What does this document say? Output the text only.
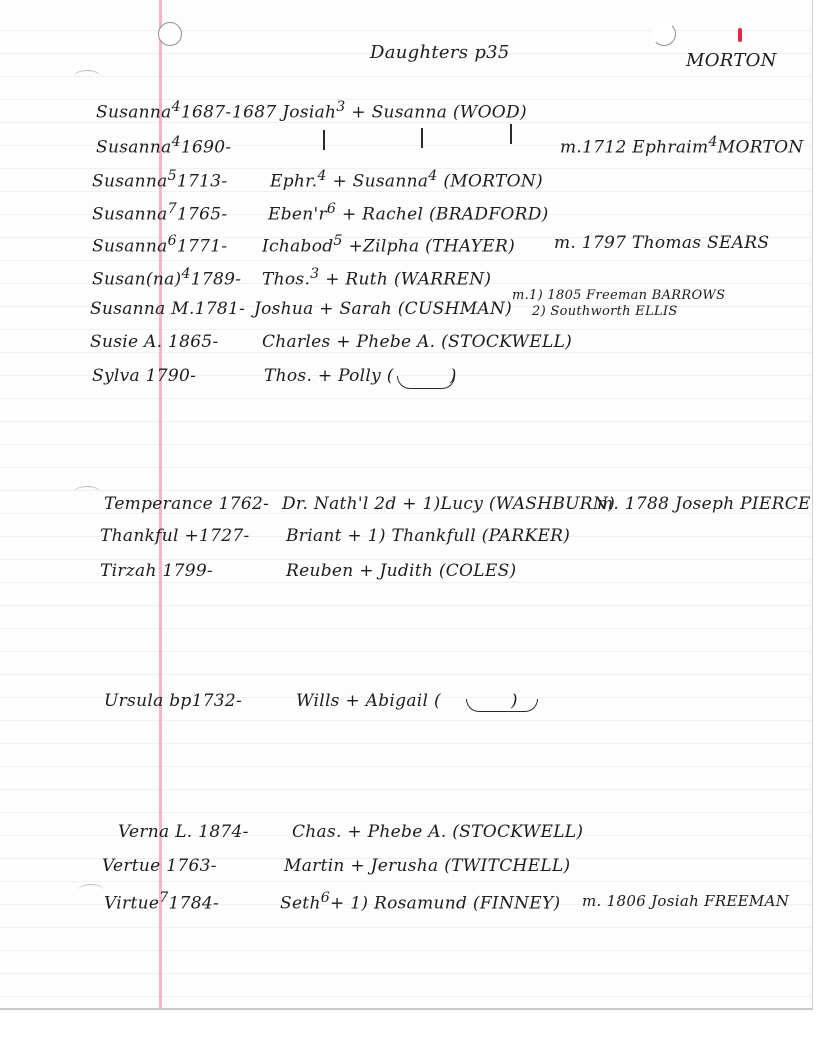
Daughters p35	MORTON
Susanna$^4$1687- 1687 Josiah$^3$ + Susanna (WOOD)
Susanna$^4$1690-	m.1712 Ephraim$^4$MORTON
Susanna$^5$1713-	Ephr.$^4$ + Susanna$^4$ (MORTON)
Susanna$^7$1765- $Eben'r^6$ + Rachel (BRADFORD)
Susanna$^6$1771- Ichabod$^5$ +Zilpha (THAYER) m. 1797 Thomas SEARS
Susan(na)$^4$1789- Thos.$^3$ + Ruth (WARREN)
Susanna M.1781- Joshua + Sarah (CUSHMAN)
m.1) 1805 Freeman BARROWS
2) Southworth ELLIS
Susie A. 1865-	Charles + Phebe A. (STOCKWELL)
Sylva 1790-	Thos. + Polly (	)
Temperance 1762- Dr. Nath'l 2d + 1)Lucy (WASHBURN)
m. 1788 Joseph PIERCE
Thankful +1727- Briant + 1) Thankfull (PARKER)
Tirzah 1799-	Reuben + Judith (COLES)
Ursula bp1732-	Wills + Abigail (	)
Verna L. 1874-	Chas. + Phebe A. (STOCKWELL)
Vertue 1763-	Martin + Jerusha (TWITCHELL)
Virtue$^7$1784-	Seth$^6$+ 1) Rosamund (FINNEY) m. 1806 Josiah FREEMAN
